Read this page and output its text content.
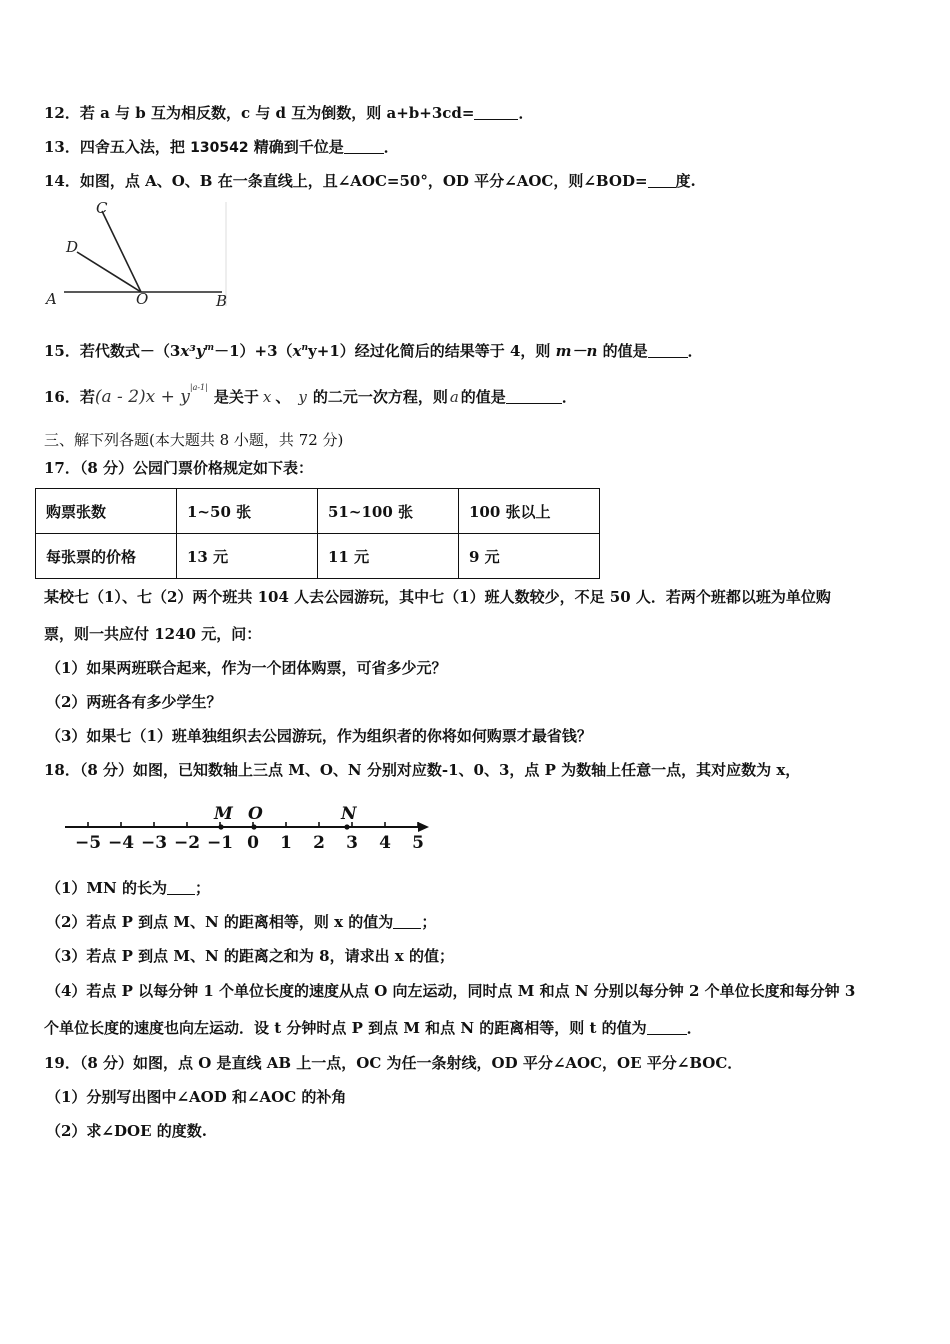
12．若 a 与 b 互为相反数，c 与 d 互为倒数，则 a+b+3cd=	．
13．四舍五入法，把 130542 精确到千位是	．
14．如图，点 A、O、B 在一条直线上，且∠AOC=50°，OD 平分∠AOC，则∠BOD= 度.
C
D
A	O	B
15．若代数式$-(3x^3y^m-1)+3(x^ny+1)$经过化简后的结果等于 4，则 m－n 的值是	．
16．若$(a - 2)x + y^{|a-1|}$是关于 x 、 y 的二元一次方程，则 a 的值是	．
三、解下列各题(本大题共 8 小题，共 72 分)
17．（8 分）公园门票价格规定如下表：
购票张数	1~50 张	51~100 张	100 张以上
每张票的价格	13 元	11 元	9 元
某校七（1）、七（2）两个班共 104 人去公园游玩，其中七（1）班人数较少，不足 50 人．若两个班都以班为单位购
票，则一共应付 1240 元，问：
（1）如果两班联合起来，作为一个团体购票，可省多少元？
（2）两班各有多少学生？
（3）如果七（1）班单独组织去公园游玩，作为组织者的你将如何购票才最省钱？
18．（8 分）如图，已知数轴上三点 M、O、N 分别对应数-1、0、3，点 P 为数轴上任意一点，其对应数为 x，
−5 −4 −3 −2 −1 0 1 2 3 4 5
M O	N
（1）MN 的长为 ；
（2）若点 P 到点 M、N 的距离相等，则 x 的值为 ；
（3）若点 P 到点 M、N 的距离之和为 8，请求出 x 的值；
（4）若点 P 以每分钟 1 个单位长度的速度从点 O 向左运动，同时点 M 和点 N 分别以每分钟 2 个单位长度和每分钟 3
个单位长度的速度也向左运动．设 t 分钟时点 P 到点 M 和点 N 的距离相等，则 t 的值为	．
19．（8 分）如图，点 O 是直线 AB 上一点，OC 为任一条射线，OD 平分∠AOC，OE 平分∠BOC．
（1）分别写出图中∠AOD 和∠AOC 的补角
（2）求∠DOE 的度数.
